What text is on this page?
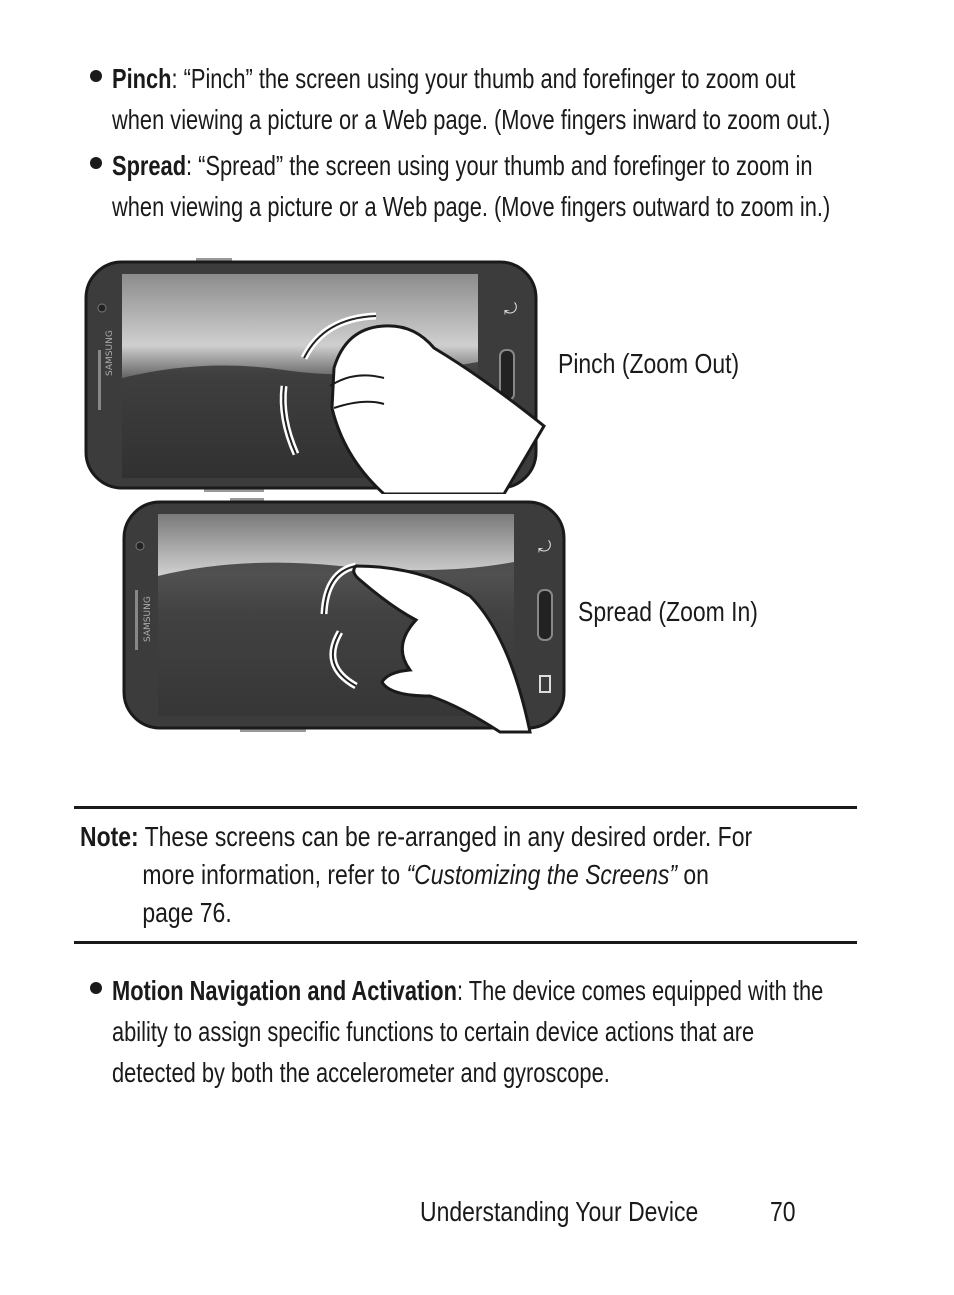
Pinch: “Pinch” the screen using your thumb and forefinger to zoom out
when viewing a picture or a Web page. (Move fingers inward to zoom out.)
Spread: “Spread” the screen using your thumb and forefinger to zoom in
when viewing a picture or a Web page. (Move fingers outward to zoom in.)
SAMSUNG
⤾
Pinch (Zoom Out)
SAMSUNG
⤾
Spread (Zoom In)
Note: These screens can be re-arranged in any desired order. For
more information, refer to “Customizing the Screens” on
page 76.
Motion Navigation and Activation: The device comes equipped with the
ability to assign specific functions to certain device actions that are
detected by both the accelerometer and gyroscope.
Understanding Your Device	70
